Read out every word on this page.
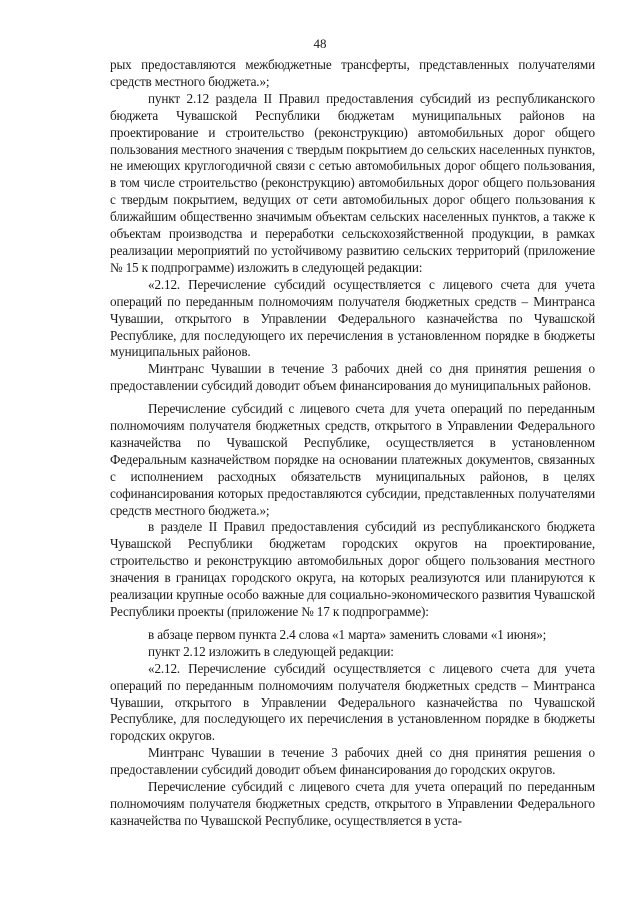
48

рых предоставляются межбюджетные трансферты, представленных получателями средств местного бюджета.»;

пункт 2.12 раздела II Правил предоставления субсидий из республиканского бюджета Чувашской Республики бюджетам муниципальных районов на проектирование и строительство (реконструкцию) автомобильных дорог общего пользования местного значения с твердым покрытием до сельских населенных пунктов, не имеющих круглогодичной связи с сетью автомобильных дорог общего пользования, в том числе строительство (реконструкцию) автомобильных дорог общего пользования с твердым покрытием, ведущих от сети автомобильных дорог общего пользования к ближайшим общественно значимым объектам сельских населенных пунктов, а также к объектам производства и переработки сельскохозяйственной продукции, в рамках реализации мероприятий по устойчивому развитию сельских территорий (приложение № 15 к подпрограмме) изложить в следующей редакции:

«2.12. Перечисление субсидий осуществляется с лицевого счета для учета операций по переданным полномочиям получателя бюджетных средств – Минтранса Чувашии, открытого в Управлении Федерального казначейства по Чувашской Республике, для последующего их перечисления в установленном порядке в бюджеты муниципальных районов.

Минтранс Чувашии в течение 3 рабочих дней со дня принятия решения о предоставлении субсидий доводит объем финансирования до муниципальных районов.

Перечисление субсидий с лицевого счета для учета операций по переданным полномочиям получателя бюджетных средств, открытого в Управлении Федерального казначейства по Чувашской Республике, осуществляется в установленном Федеральным казначейством порядке на основании платежных документов, связанных с исполнением расходных обязательств муниципальных районов, в целях софинансирования которых предоставляются субсидии, представленных получателями средств местного бюджета.»;

в разделе II Правил предоставления субсидий из республиканского бюджета Чувашской Республики бюджетам городских округов на проектирование, строительство и реконструкцию автомобильных дорог общего пользования местного значения в границах городского округа, на которых реализуются или планируются к реализации крупные особо важные для социально-экономического развития Чувашской Республики проекты (приложение № 17 к подпрограмме):

в абзаце первом пункта 2.4 слова «1 марта» заменить словами «1 июня»;

пункт 2.12 изложить в следующей редакции:

«2.12. Перечисление субсидий осуществляется с лицевого счета для учета операций по переданным полномочиям получателя бюджетных средств – Минтранса Чувашии, открытого в Управлении Федерального казначейства по Чувашской Республике, для последующего их перечисления в установленном порядке в бюджеты городских округов.

Минтранс Чувашии в течение 3 рабочих дней со дня принятия решения о предоставлении субсидий доводит объем финансирования до городских округов.

Перечисление субсидий с лицевого счета для учета операций по переданным полномочиям получателя бюджетных средств, открытого в Управлении Федерального казначейства по Чувашской Республике, осуществляется в уста-
